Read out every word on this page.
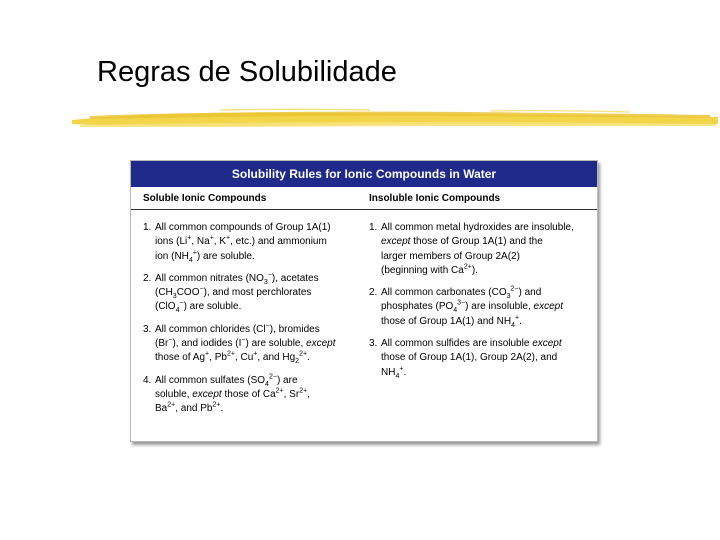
Regras de Solubilidade
Solubility Rules for Ionic Compounds in Water
Soluble Ionic Compounds	Insoluble Ionic Compounds
1. All common compounds of Group 1A(1)
ions (Li+, Na+, K+, etc.) and ammonium
ion $(NH_4^+)$ are soluble.
2. All common nitrates $(NO_3^-)$, acetates
$(CH_3COO^-)$, and most perchlorates
(ClO$_4$−) are soluble.
3. All common chlorides (Cl−), bromides
(Br−), and iodides (I−) are soluble, except
those of Ag+, $Pb^{2+}$, Cu+, and $Hg_2^{2+}$.
4. All common sulfates $(SO_4^{2-})$ are
soluble, except those of $Ca^{2+}$, $Sr^{2+}$,
$Ba^{2+}$, and $Pb^{2+}$.
1. All common metal hydroxides are insoluble,
except those of Group 1A(1) and the
larger members of Group 2A(2)
(beginning with $Ca^{2+}$).
2. All common carbonates $(CO_3^{2-})$ and
phosphates $(PO_4^{3-})$ are insoluble, except
those of Group 1A(1) and $NH_4^+$.
3. All common sulfides are insoluble except
those of Group 1A(1), Group 2A(2), and
$NH_4^+$.
